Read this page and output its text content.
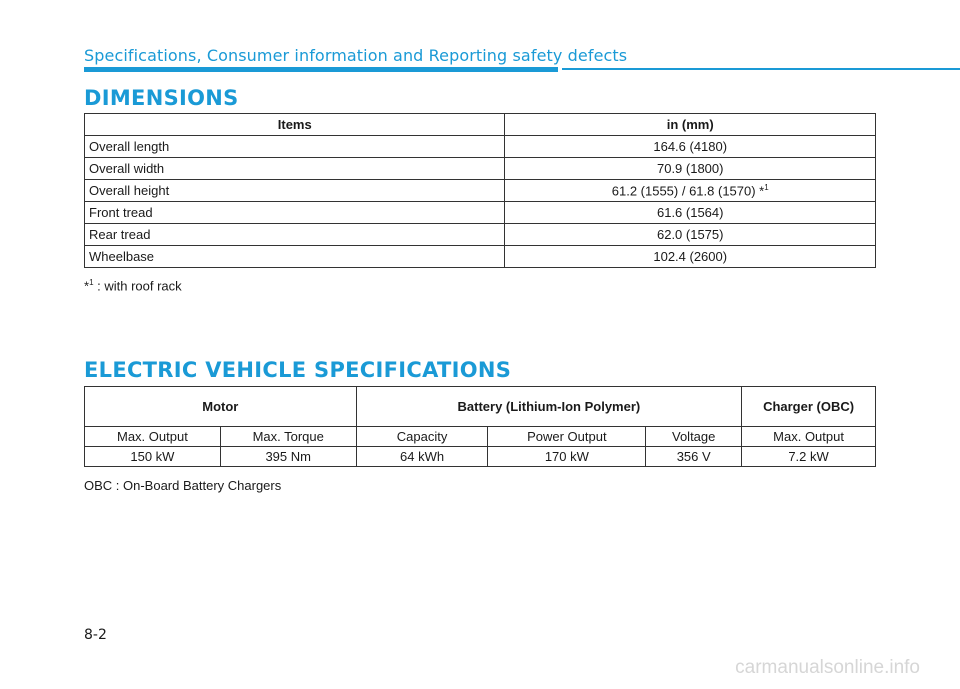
Specifications, Consumer information and Reporting safety defects
DIMENSIONS
Items	in (mm)
Overall length	164.6 (4180)
Overall width	70.9 (1800)
Overall height	61.2 (1555) / 61.8 (1570) *$^1$
Front tread	61.6 (1564)
Rear tread	62.0 (1575)
Wheelbase	102.4 (2600)
*$^1$ : with roof rack
ELECTRIC VEHICLE SPECIFICATIONS
Motor		Battery (Lithium-Ion Polymer)			Charger (OBC)
Max. Output	Max. Torque	Capacity	Power Output	Voltage	Max. Output
150 kW	395 Nm	64 kWh	170 kW	356 V	7.2 kW
OBC : On-Board Battery Chargers
8-2
carmanualsonline.info
